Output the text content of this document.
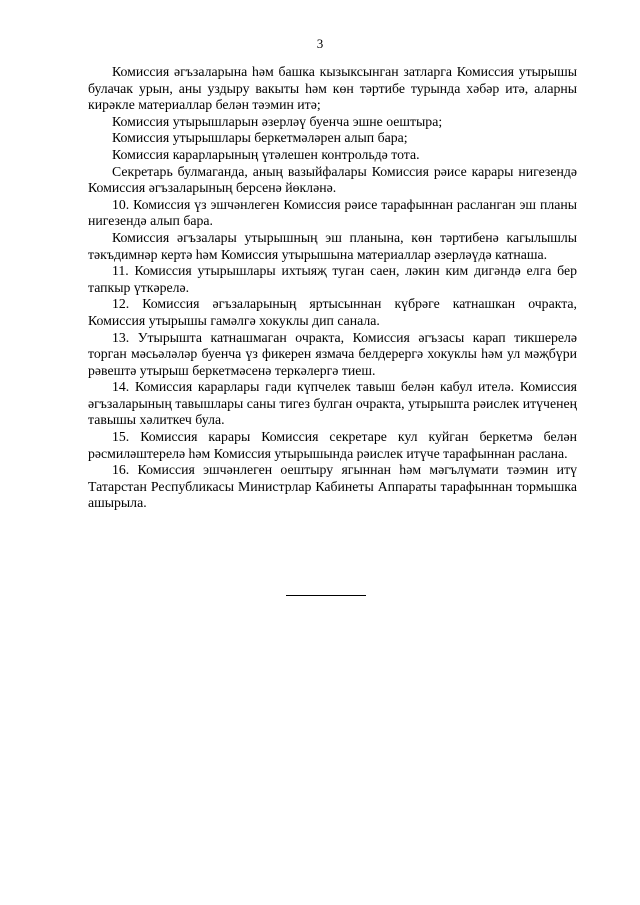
3

Комиссия әгъзаларына һәм башка кызыксынган затларга Комиссия утырышы булачак урын, аны уздыру вакыты һәм көн тәртибе турында хәбәр итә, аларны кирәкле материаллар белән тәэмин итә;

Комиссия утырышларын әзерләү буенча эшне оештыра;

Комиссия утырышлары беркетмәләрен алып бара;

Комиссия карарларының үтәлешен контрольдә тота.

Секретарь булмаганда, аның вазыйфалары Комиссия рәисе карары нигезендә Комиссия әгъзаларының берсенә йөкләнә.

10. Комиссия үз эшчәнлеген Комиссия рәисе тарафыннан расланган эш планы нигезендә алып бара.

Комиссия әгъзалары утырышның эш планына, көн тәртибенә кагылышлы тәкъдимнәр кертә һәм Комиссия утырышына материаллар әзерләүдә катнаша.

11. Комиссия утырышлары ихтыяҗ туган саен, ләкин ким дигәндә елга бер тапкыр үткәрелә.

12. Комиссия әгъзаларының яртысыннан күбрәге катнашкан очракта, Комиссия утырышы гамәлгә хокуклы дип санала.

13. Утырышта катнашмаган очракта, Комиссия әгъзасы карап тикшерелә торган мәсьәләләр буенча үз фикерен язмача белдерергә хокуклы һәм ул мәҗбүри рәвештә утырыш беркетмәсенә теркәлергә тиеш.

14. Комиссия карарлары гади күпчелек тавыш белән кабул ителә. Комиссия әгъзаларының тавышлары саны тигез булган очракта, утырышта рәислек итүченең тавышы хәлиткеч була.

15. Комиссия карары Комиссия секретаре кул куйган беркетмә белән рәсмиләштерелә һәм Комиссия утырышында рәислек итүче тарафыннан раслана.

16. Комиссия эшчәнлеген оештыру ягыннан һәм мәгълүмати тәэмин итү Татарстан Республикасы Министрлар Кабинеты Аппараты тарафыннан тормышка ашырыла.
